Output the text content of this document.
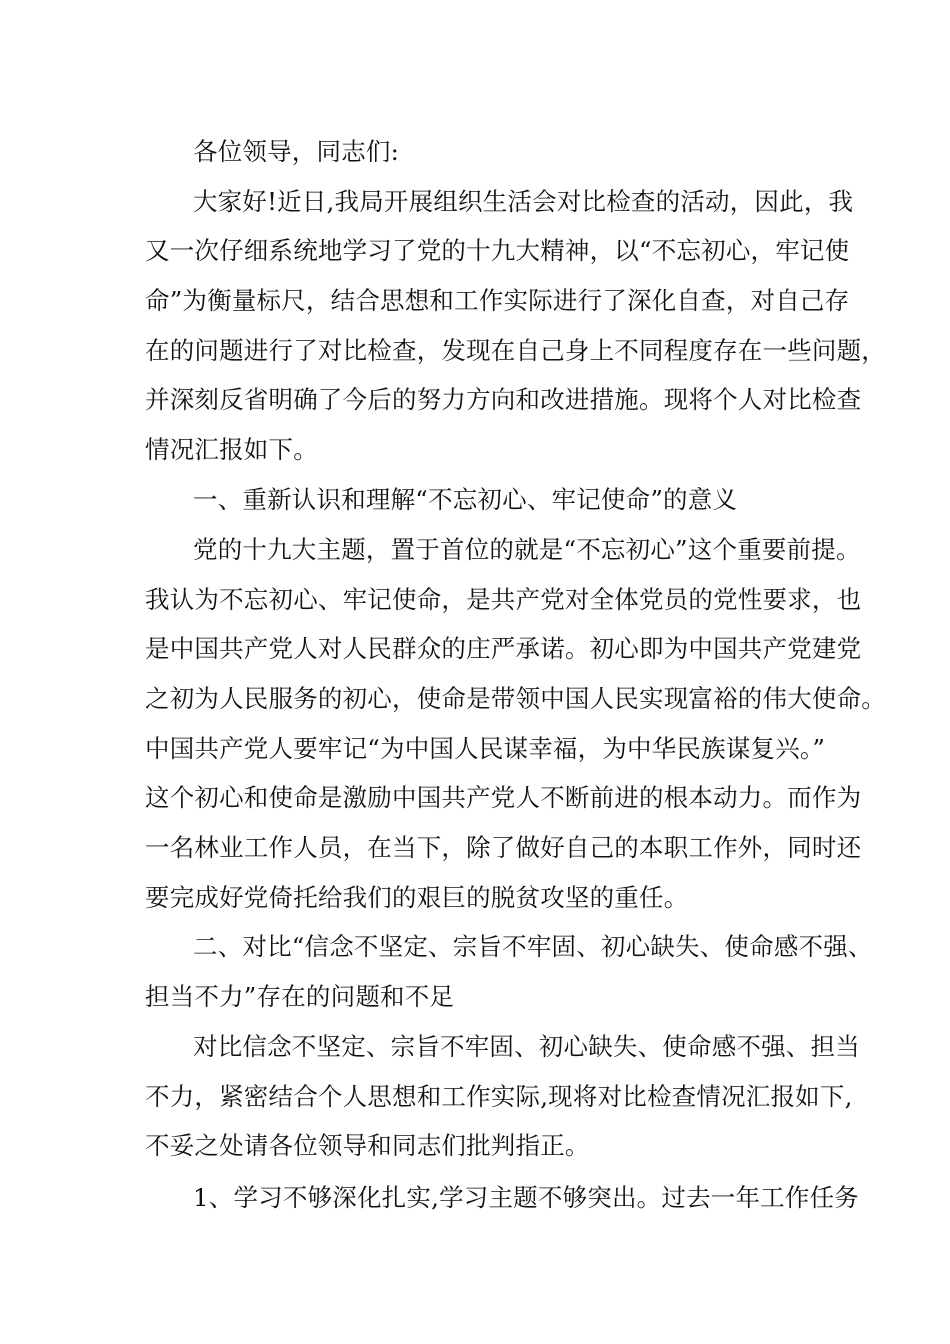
各位领导，同志们:
大家好!近日,我局开展组织生活会对比检查的活动，因此，我
又一次仔细系统地学习了党的十九大精神，以“不忘初心，牢记使
命”为衡量标尺，结合思想和工作实际进行了深化自查，对自己存
在的问题进行了对比检查，发现在自己身上不同程度存在一些问题，
并深刻反省明确了今后的努力方向和改进措施。现将个人对比检查
情况汇报如下。
一、重新认识和理解“不忘初心、牢记使命”的意义
党的十九大主题，置于首位的就是“不忘初心”这个重要前提。
我认为不忘初心、牢记使命，是共产党对全体党员的党性要求，也
是中国共产党人对人民群众的庄严承诺。初心即为中国共产党建党
之初为人民服务的初心，使命是带领中国人民实现富裕的伟大使命。
中国共产党人要牢记“为中国人民谋幸福，为中华民族谋复兴。”
这个初心和使命是激励中国共产党人不断前进的根本动力。而作为
一名林业工作人员，在当下，除了做好自己的本职工作外，同时还
要完成好党倚托给我们的艰巨的脱贫攻坚的重任。
二、对比“信念不坚定、宗旨不牢固、初心缺失、使命感不强、
担当不力”存在的问题和不足
对比信念不坚定、宗旨不牢固、初心缺失、使命感不强、担当
不力，紧密结合个人思想和工作实际,现将对比检查情况汇报如下,
不妥之处请各位领导和同志们批判指正。
1、学习不够深化扎实,学习主题不够突出。过去一年工作任务
